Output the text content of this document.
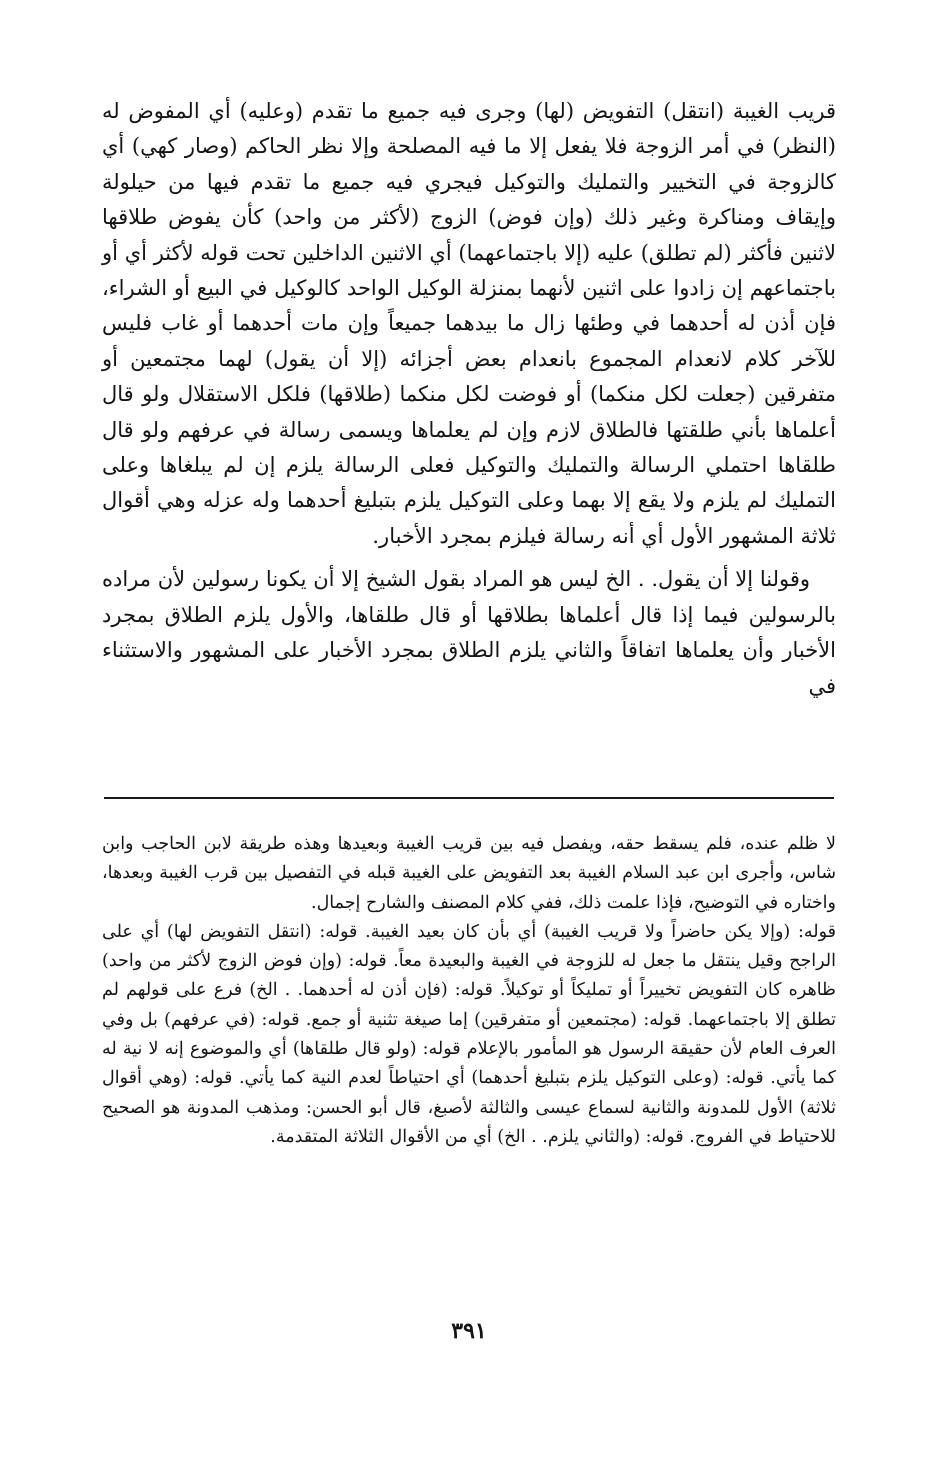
قريب الغيبة (انتقل) التفويض (لها) وجرى فيه جميع ما تقدم (وعليه) أي المفوض له (النظر) في أمر الزوجة فلا يفعل إلا ما فيه المصلحة وإلا نظر الحاكم (وصار كهي) أي كالزوجة في التخيير والتمليك والتوكيل فيجري فيه جميع ما تقدم فيها من حيلولة وإيقاف ومناكرة وغير ذلك (وإن فوض) الزوج (لأكثر من واحد) كأن يفوض طلاقها لاثنين فأكثر (لم تطلق) عليه (إلا باجتماعهما) أي الاثنين الداخلين تحت قوله لأكثر أي أو باجتماعهم إن زادوا على اثنين لأنهما بمنزلة الوكيل الواحد كالوكيل في البيع أو الشراء، فإن أذن له أحدهما في وطئها زال ما بيدهما جميعاً وإن مات أحدهما أو غاب فليس للآخر كلام لانعدام المجموع بانعدام بعض أجزائه (إلا أن يقول) لهما مجتمعين أو متفرقين (جعلت لكل منكما) أو فوضت لكل منكما (طلاقها) فلكل الاستقلال ولو قال أعلماها بأني طلقتها فالطلاق لازم وإن لم يعلماها ويسمى رسالة في عرفهم ولو قال طلقاها احتملي الرسالة والتمليك والتوكيل فعلى الرسالة يلزم إن لم يبلغاها وعلى التمليك لم يلزم ولا يقع إلا بهما وعلى التوكيل يلزم بتبليغ أحدهما وله عزله وهي أقوال ثلاثة المشهور الأول أي أنه رسالة فيلزم بمجرد الأخبار.

وقولنا إلا أن يقول. . الخ ليس هو المراد بقول الشيخ إلا أن يكونا رسولين لأن مراده بالرسولين فيما إذا قال أعلماها بطلاقها أو قال طلقاها، والأول يلزم الطلاق بمجرد الأخبار وأن يعلماها اتفاقاً والثاني يلزم الطلاق بمجرد الأخبار على المشهور والاستثناء في

لا ظلم عنده، فلم يسقط حقه، ويفصل فيه بين قريب الغيبة وبعيدها وهذه طريقة لابن الحاجب وابن شاس، وأجرى ابن عبد السلام الغيبة بعد التفويض على الغيبة قبله في التفصيل بين قرب الغيبة وبعدها، واختاره في التوضيح، فإذا علمت ذلك، ففي كلام المصنف والشارح إجمال.

قوله: (وإلا يكن حاضراً ولا قريب الغيبة) أي بأن كان بعيد الغيبة. قوله: (انتقل التفويض لها) أي على الراجح وقيل ينتقل ما جعل له للزوجة في الغيبة والبعيدة معاً. قوله: (وإن فوض الزوج لأكثر من واحد) ظاهره كان التفويض تخييراً أو تمليكاً أو توكيلاً. قوله: (فإن أذن له أحدهما. . الخ) فرع على قولهم لم تطلق إلا باجتماعهما. قوله: (مجتمعين أو متفرقين) إما صيغة تثنية أو جمع. قوله: (في عرفهم) بل وفي العرف العام لأن حقيقة الرسول هو المأمور بالإعلام قوله: (ولو قال طلقاها) أي والموضوع إنه لا نية له كما يأتي. قوله: (وعلى التوكيل يلزم بتبليغ أحدهما) أي احتياطاً لعدم النية كما يأتي. قوله: (وهي أقوال ثلاثة) الأول للمدونة والثانية لسماع عيسى والثالثة لأصبغ، قال أبو الحسن: ومذهب المدونة هو الصحيح للاحتياط في الفروج. قوله: (والثاني يلزم. . الخ) أي من الأقوال الثلاثة المتقدمة.

٣٩١
